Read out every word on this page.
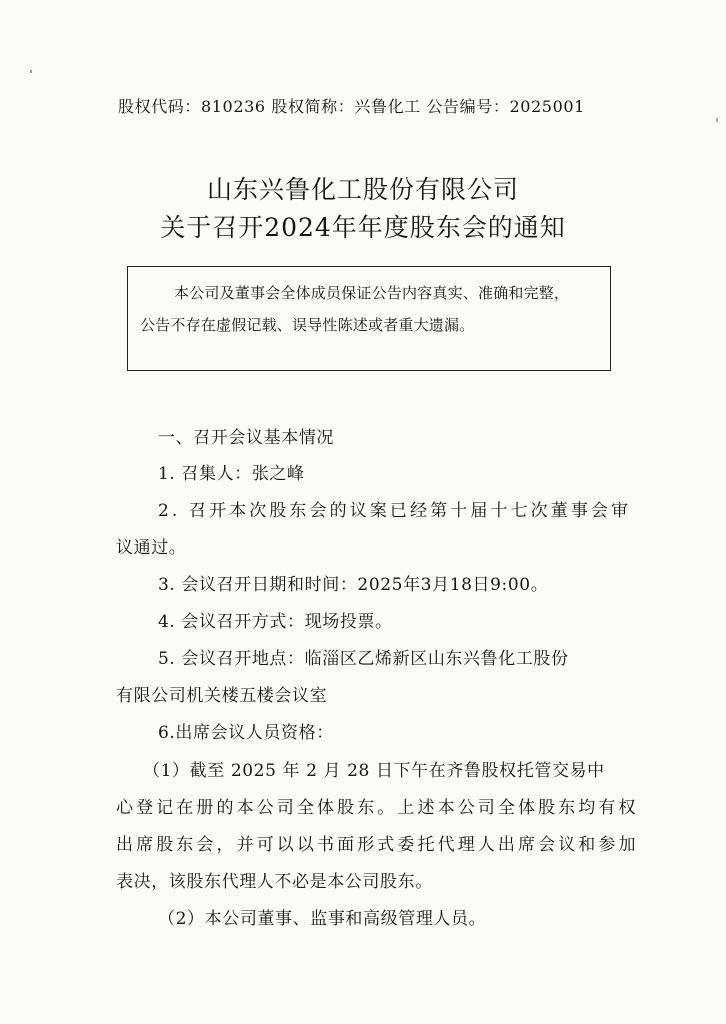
股权代码：810236 股权简称：兴鲁化工 公告编号：2025001
山东兴鲁化工股份有限公司
关于召开2024年年度股东会的通知
本公司及董事会全体成员保证公告内容真实、准确和完整，
公告不存在虚假记载、误导性陈述或者重大遗漏。
一、召开会议基本情况
1. 召集人：张之峰
2. 召开本次股东会的议案已经第十届十七次董事会审
议通过。
3. 会议召开日期和时间：2025年3月18日9:00。
4. 会议召开方式：现场投票。
5. 会议召开地点：临淄区乙烯新区山东兴鲁化工股份
有限公司机关楼五楼会议室
6.出席会议人员资格：
（1）截至 2025 年 2 月 28 日下午在齐鲁股权托管交易中
心登记在册的本公司全体股东。上述本公司全体股东均有权
出席股东会，并可以以书面形式委托代理人出席会议和参加
表决，该股东代理人不必是本公司股东。
（2）本公司董事、监事和高级管理人员。
